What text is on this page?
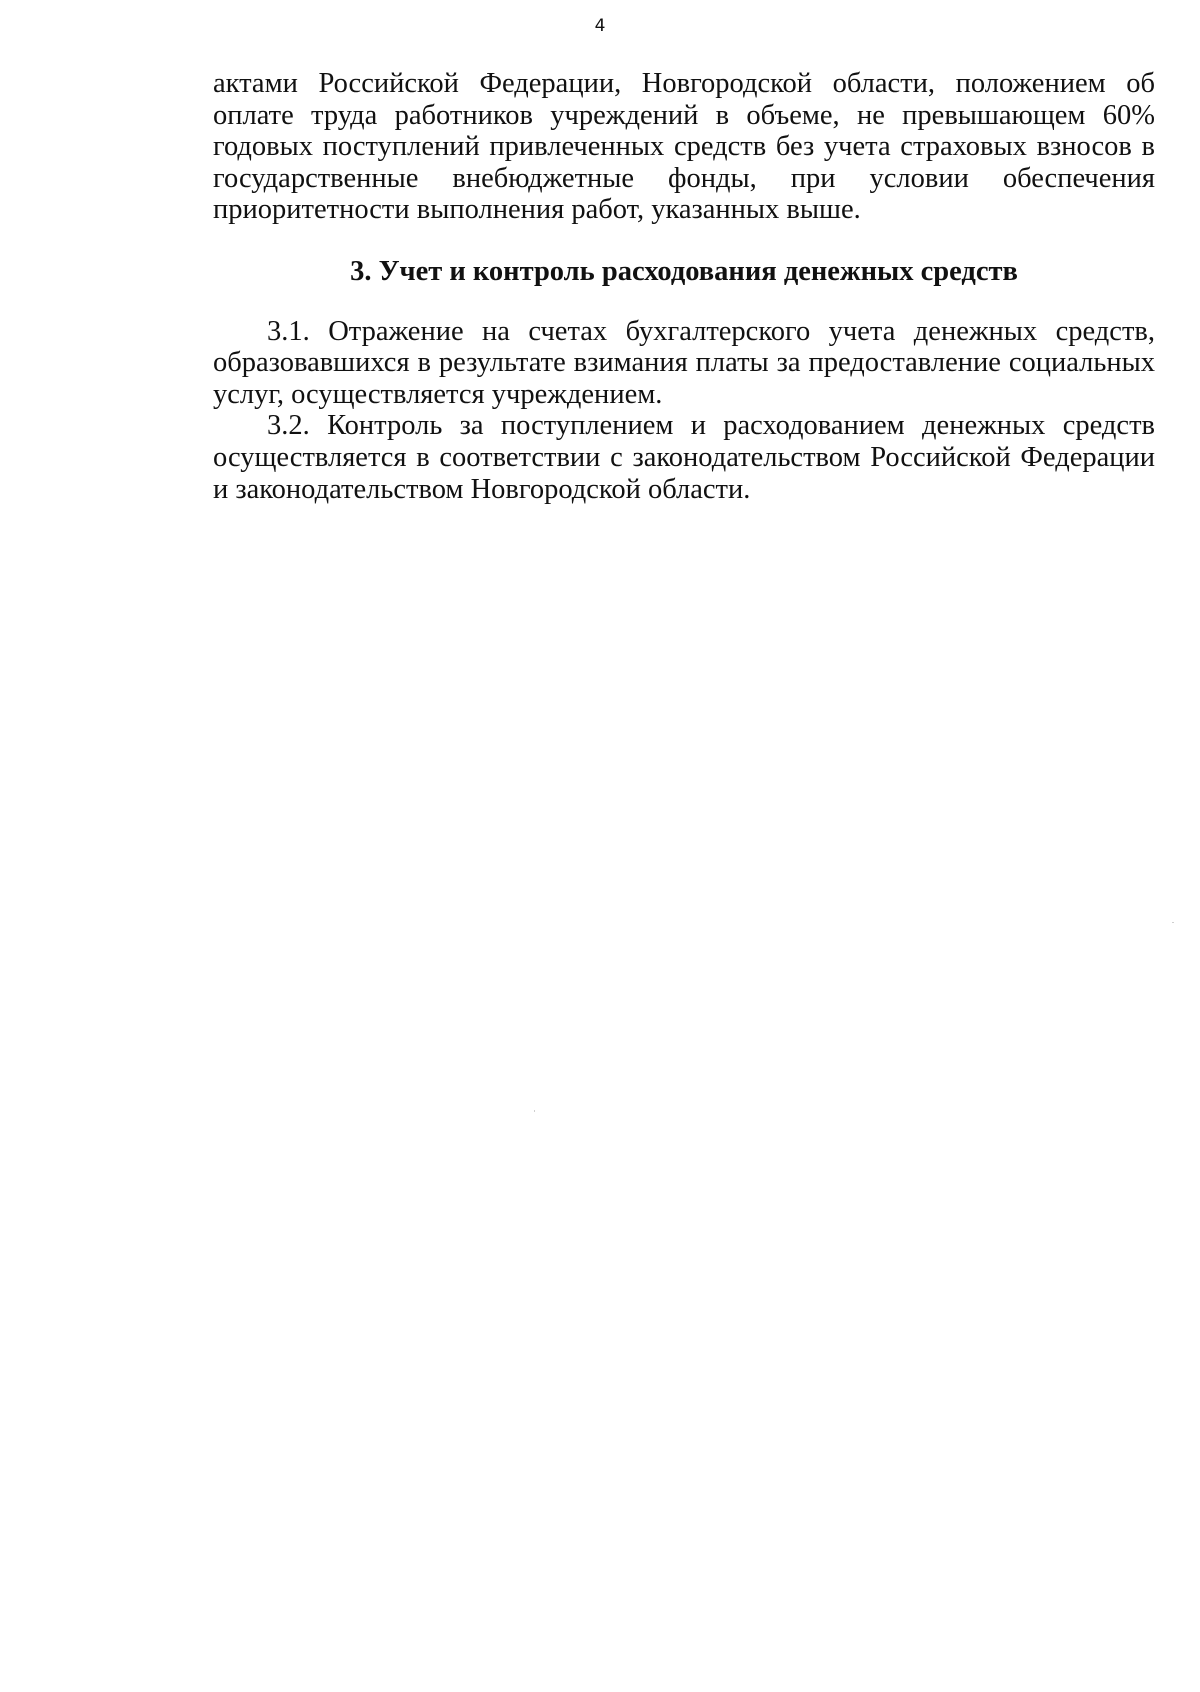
4

актами Российской Федерации, Новгородской области, положением об оплате труда работников учреждений в объеме, не превышающем 60% годовых поступлений привлеченных средств без учета страховых взносов в государственные внебюджетные фонды, при условии обеспечения приоритетности выполнения работ, указанных выше.

3. Учет и контроль расходования денежных средств

3.1. Отражение на счетах бухгалтерского учета денежных средств, образовавшихся в результате взимания платы за предоставление социальных услуг, осуществляется учреждением.

3.2. Контроль за поступлением и расходованием денежных средств осуществляется в соответствии с законодательством Российской Федерации и законодательством Новгородской области.
